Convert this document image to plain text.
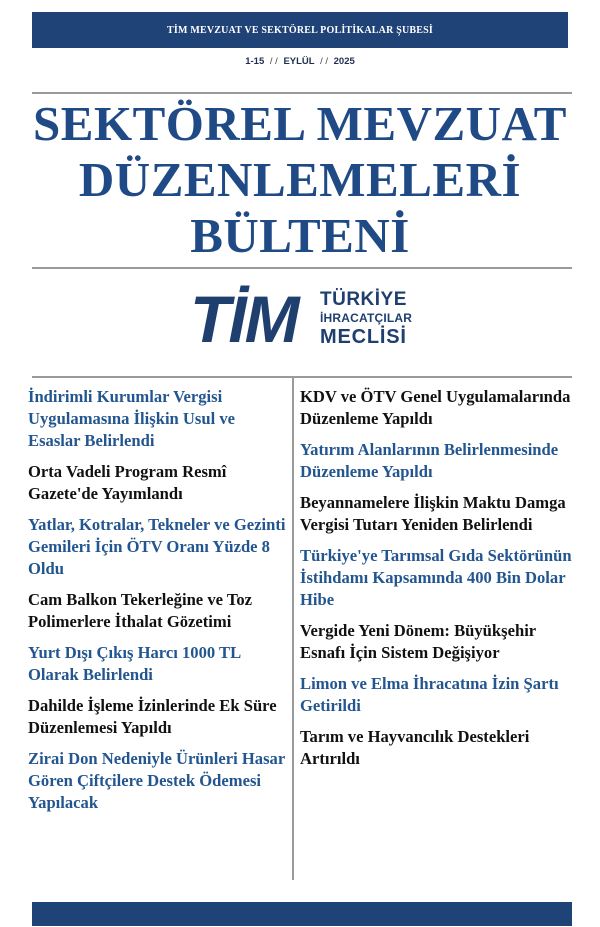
TİM MEVZUAT VE SEKTÖREL POLİTİKALAR ŞUBESİ
1-15 / / EYLÜL / / 2025
SEKTÖREL MEVZUAT
DÜZENLEMELERİ
BÜLTENİ
TİM TÜRKİYE
İHRACATÇILAR
MECLİSİ
İndirimli Kurumlar Vergisi Uygulamasına İlişkin Usul ve Esaslar Belirlendi
Orta Vadeli Program Resmî Gazete'de Yayımlandı
Yatlar, Kotralar, Tekneler ve Gezinti Gemileri İçin ÖTV Oranı Yüzde 8 Oldu
Cam Balkon Tekerleğine ve Toz Polimerlere İthalat Gözetimi
Yurt Dışı Çıkış Harcı 1000 TL Olarak Belirlendi
Dahilde İşleme İzinlerinde Ek Süre Düzenlemesi Yapıldı
Zirai Don Nedeniyle Ürünleri Hasar Gören Çiftçilere Destek Ödemesi Yapılacak
KDV ve ÖTV Genel Uygulamalarında Düzenleme Yapıldı
Yatırım Alanlarının Belirlenmesinde Düzenleme Yapıldı
Beyannamelere İlişkin Maktu Damga Vergisi Tutarı Yeniden Belirlendi
Türkiye'ye Tarımsal Gıda Sektörünün İstihdamı Kapsamında 400 Bin Dolar Hibe
Vergide Yeni Dönem: Büyükşehir Esnafı İçin Sistem Değişiyor
Limon ve Elma İhracatına İzin Şartı Getirildi
Tarım ve Hayvancılık Destekleri Artırıldı
